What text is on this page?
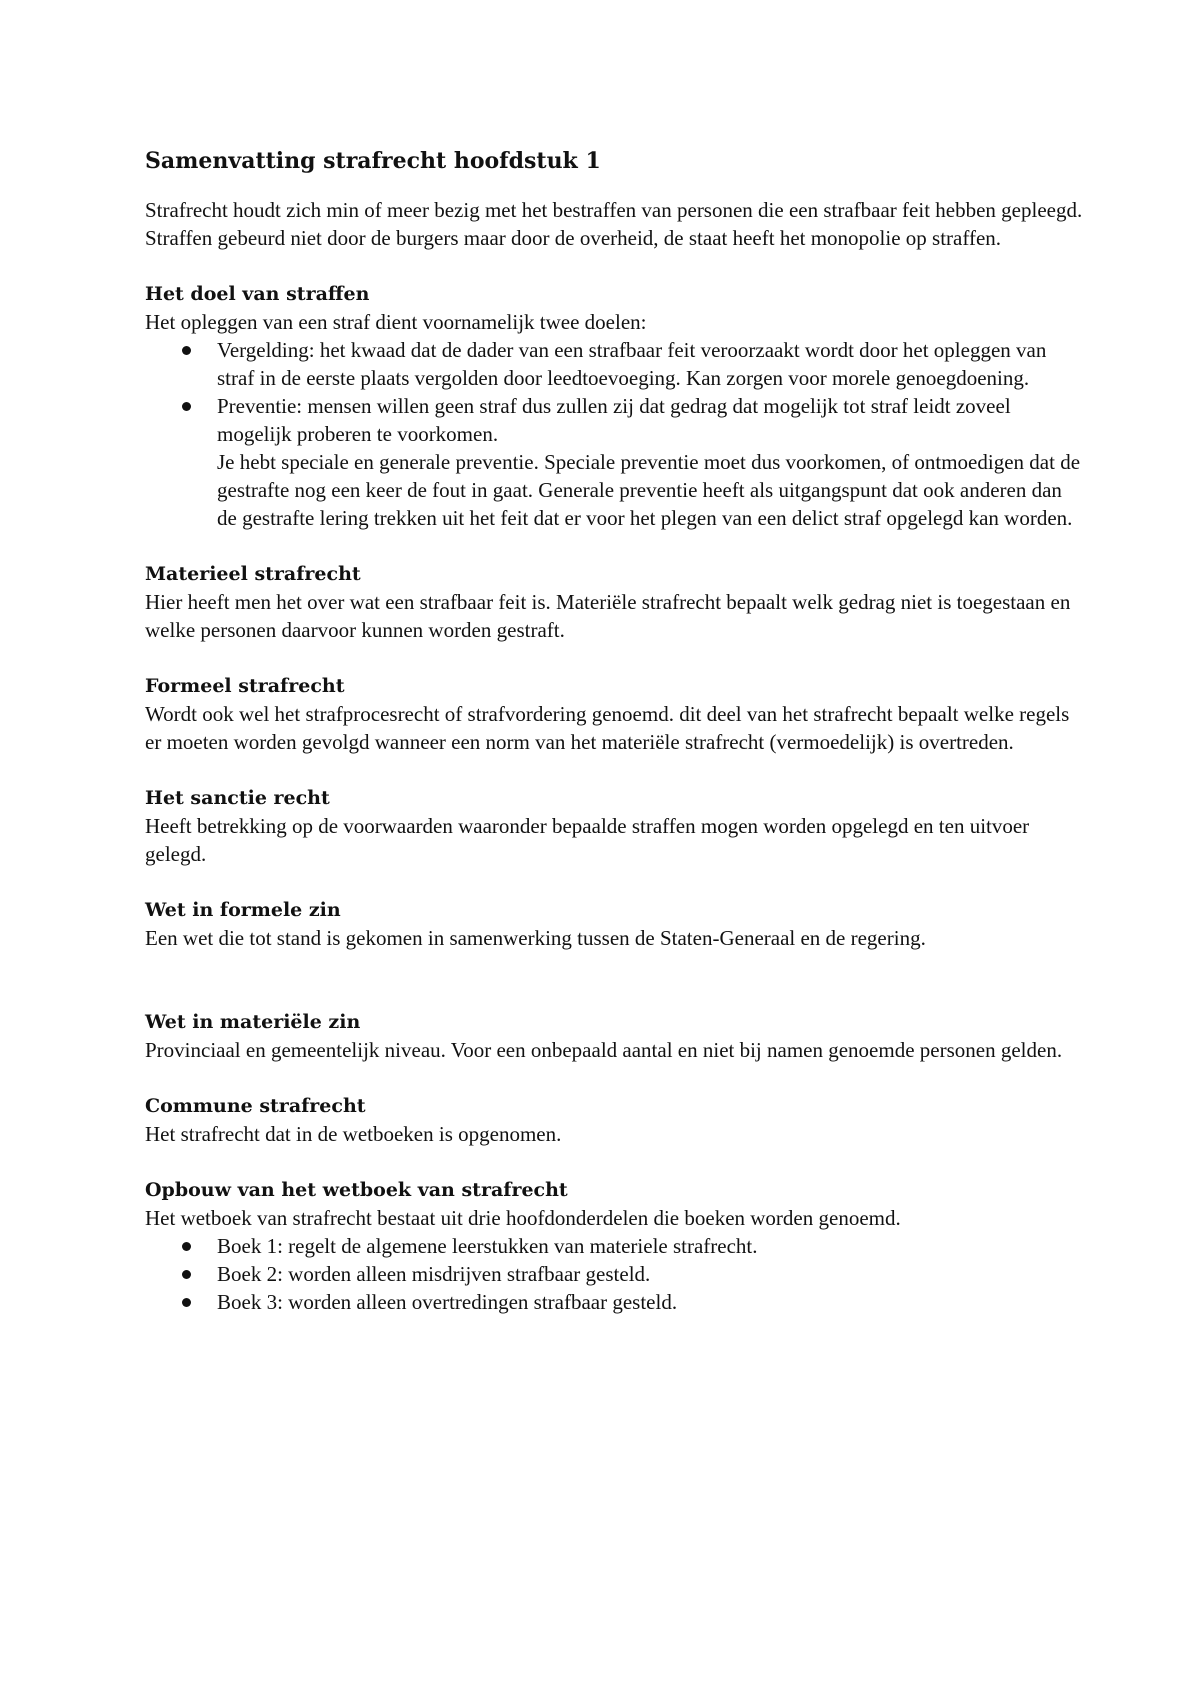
Samenvatting strafrecht hoofdstuk 1

Strafrecht houdt zich min of meer bezig met het bestraffen van personen die een strafbaar feit hebben gepleegd. Straffen gebeurd niet door de burgers maar door de overheid, de staat heeft het monopolie op straffen.

Het doel van straffen

Het opleggen van een straf dient voornamelijk twee doelen:

Vergelding: het kwaad dat de dader van een strafbaar feit veroorzaakt wordt door het opleggen van straf in de eerste plaats vergolden door leedtoevoeging. Kan zorgen voor morele genoegdoening.
Preventie: mensen willen geen straf dus zullen zij dat gedrag dat mogelijk tot straf leidt zoveel mogelijk proberen te voorkomen.
Je hebt speciale en generale preventie. Speciale preventie moet dus voorkomen, of ontmoedigen dat de gestrafte nog een keer de fout in gaat. Generale preventie heeft als uitgangspunt dat ook anderen dan de gestrafte lering trekken uit het feit dat er voor het plegen van een delict straf opgelegd kan worden.
Materieel strafrecht

Hier heeft men het over wat een strafbaar feit is. Materiële strafrecht bepaalt welk gedrag niet is toegestaan en welke personen daarvoor kunnen worden gestraft.

Formeel strafrecht

Wordt ook wel het strafprocesrecht of strafvordering genoemd. dit deel van het strafrecht bepaalt welke regels er moeten worden gevolgd wanneer een norm van het materiële strafrecht (vermoedelijk) is overtreden.

Het sanctie recht

Heeft betrekking op de voorwaarden waaronder bepaalde straffen mogen worden opgelegd en ten uitvoer gelegd.

Wet in formele zin

Een wet die tot stand is gekomen in samenwerking tussen de Staten-Generaal en de regering.

Wet in materiële zin

Provinciaal en gemeentelijk niveau. Voor een onbepaald aantal en niet bij namen genoemde personen gelden.

Commune strafrecht

Het strafrecht dat in de wetboeken is opgenomen.

Opbouw van het wetboek van strafrecht

Het wetboek van strafrecht bestaat uit drie hoofdonderdelen die boeken worden genoemd.

Boek 1: regelt de algemene leerstukken van materiele strafrecht.
Boek 2: worden alleen misdrijven strafbaar gesteld.
Boek 3: worden alleen overtredingen strafbaar gesteld.
